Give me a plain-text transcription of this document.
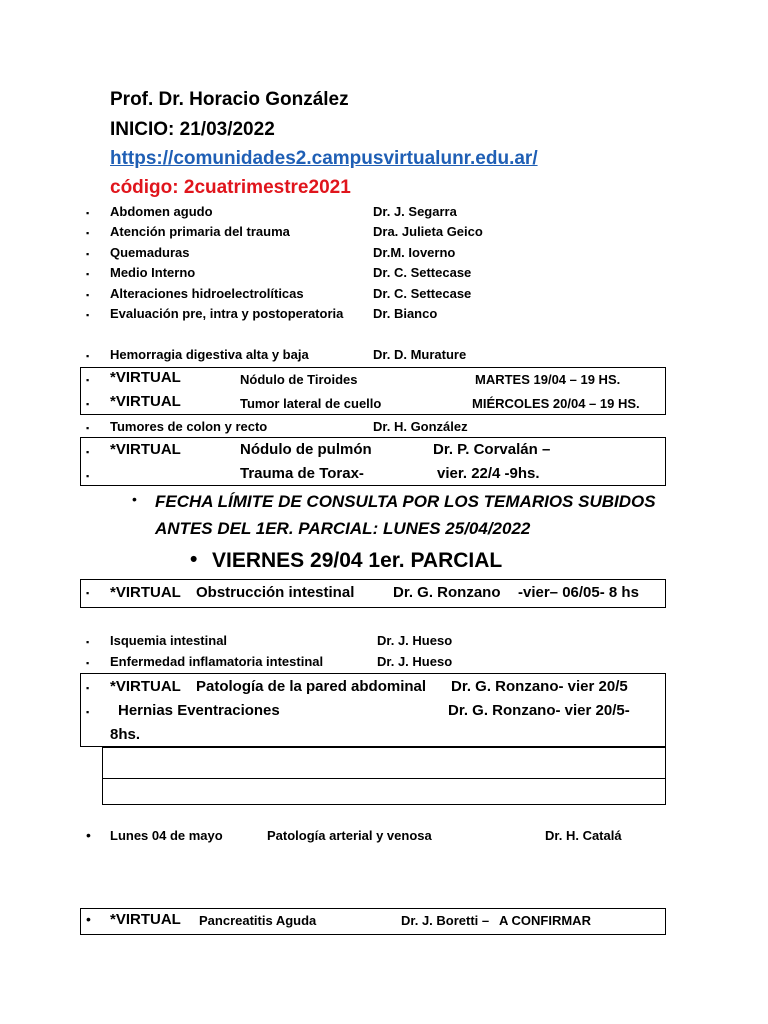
Prof. Dr. Horacio González
INICIO: 21/03/2022
https://comunidades2.campusvirtualunr.edu.ar/
código: 2cuatrimestre2021
▪ Abdomen agudo	Dr. J. Segarra
▪ Atención primaria del trauma	Dra. Julieta Geico
▪ Quemaduras	Dr.M. Ioverno
▪ Medio Interno	Dr. C. Settecase
▪ Alteraciones hidroelectrolíticas	Dr. C. Settecase
▪ Evaluación pre, intra y postoperatoria Dr. Bianco
▪ Hemorragia digestiva alta y baja	Dr. D. Murature
▪ *VIRTUAL	Nódulo de Tiroides	MARTES 19/04 – 19 HS.
▪ *VIRTUAL	Tumor lateral de cuello	MIÉRCOLES 20/04 – 19 HS.
▪ Tumores de colon y recto	Dr. H. González
▪ *VIRTUAL	Nódulo de pulmón	Dr. P. Corvalán –
▪	Trauma de Torax-	vier. 22/4 -9hs.
• FECHA LÍMITE DE CONSULTA POR LOS TEMARIOS SUBIDOS
ANTES DEL 1ER. PARCIAL: LUNES 25/04/2022
• VIERNES 29/04 1er. PARCIAL
▪ *VIRTUAL Obstrucción intestinal	Dr. G. Ronzano -vier– 06/05- 8 hs
▪ Isquemia intestinal	Dr. J. Hueso
▪ Enfermedad inflamatoria intestinal	Dr. J. Hueso
▪ *VIRTUAL Patología de la pared abdominal Dr. G. Ronzano- vier 20/5
▪ Hernias Eventraciones	Dr. G. Ronzano- vier 20/5-
8hs.
• Lunes 04 de mayo	Patología arterial y venosa	Dr. H. Catalá
• *VIRTUAL Pancreatitis Aguda	Dr. J. Boretti – A CONFIRMAR
